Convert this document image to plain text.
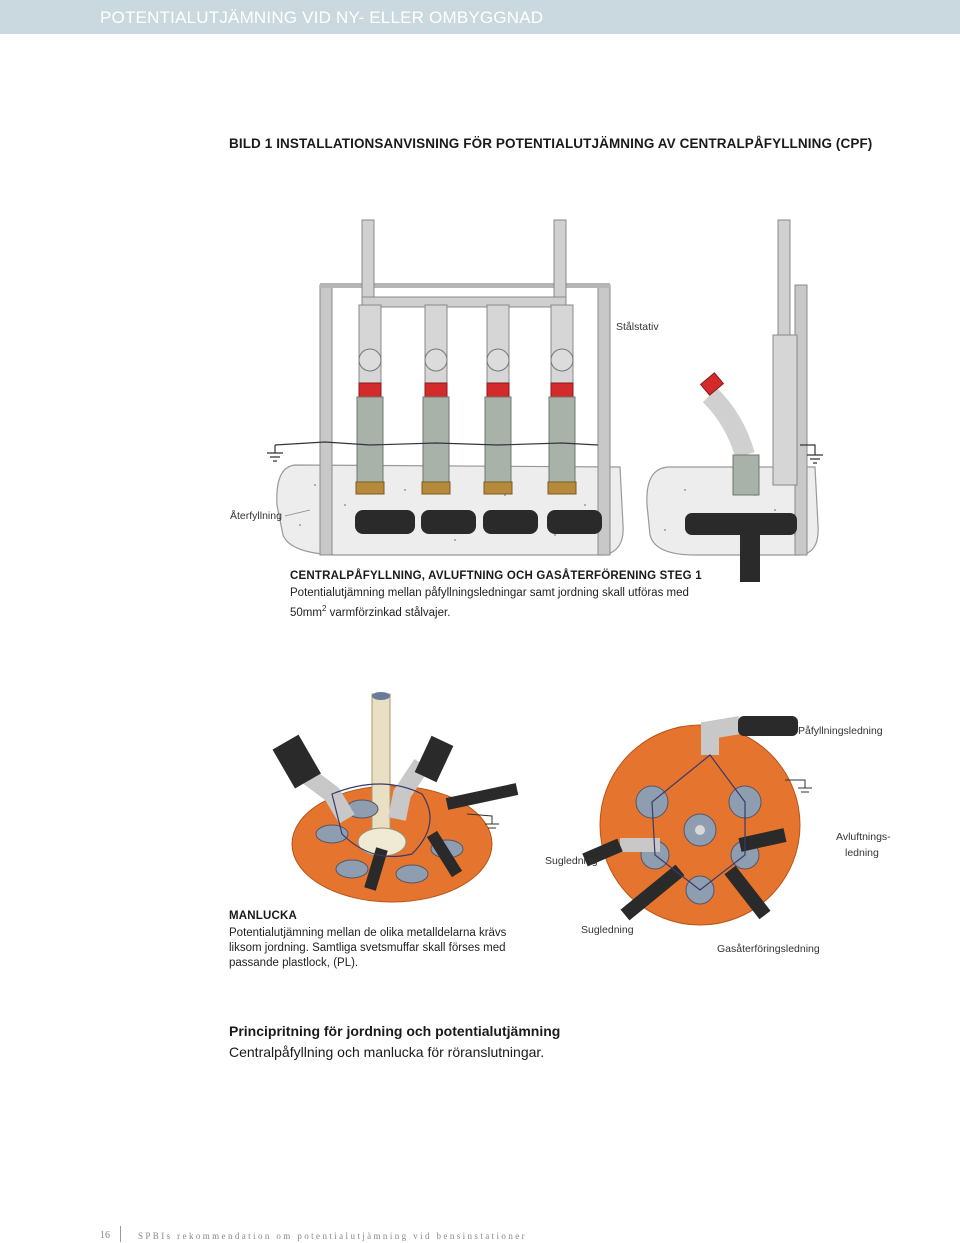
POTENTIALUTJÄMNING VID NY- ELLER OMBYGGNAD
BILD 1 INSTALLATIONSANVISNING FÖR POTENTIALUTJÄMNING AV CENTRALPÅFYLLNING (CPF)
Stålstativ
Återfyllning
CENTRALPÅFYLLNING, AVLUFTNING OCH GASÅTERFÖRENING STEG 1
Potentialutjämning mellan påfyllningsledningar samt jordning skall utföras med
$50mm^2$ varmförzinkad stålvajer.
Påfyllningsledning
Avluftnings-
ledning
Sugledning
Sugledning
Gasåterföringsledning
MANLUCKA
Potentialutjämning mellan de olika metalldelarna krävs
liksom jordning. Samtliga svetsmuffar skall förses med
passande plastlock, (PL).
Principritning för jordning och potentialutjämning
Centralpåfyllning och manlucka för röranslutningar.
16	SPBIs rekommendation om potentialutjämning vid bensinstationer
